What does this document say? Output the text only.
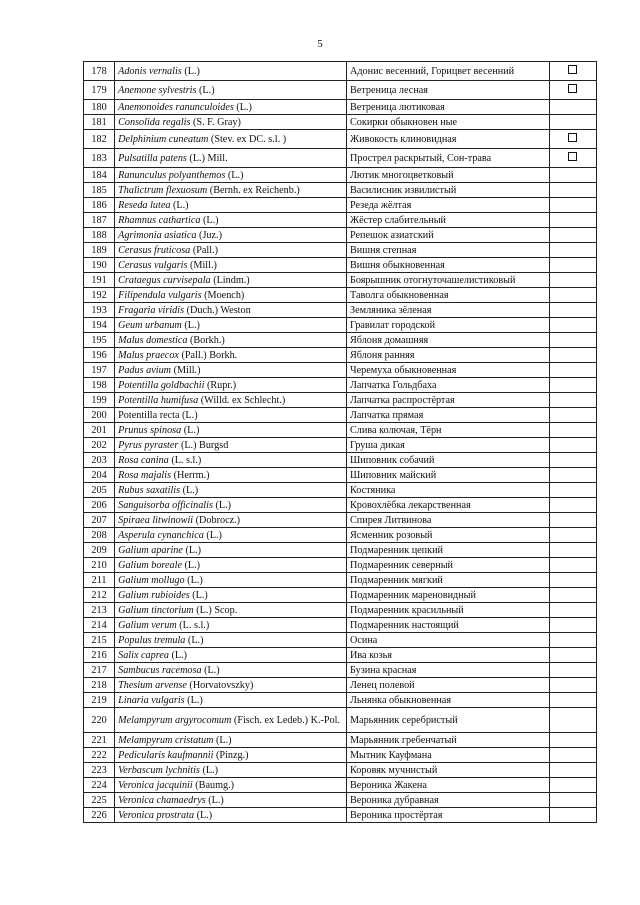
5
178	Adonis vernalis (L.)	Адонис весенний, Горицвет весенний	
179	Anemone sylvestris (L.)	Ветреница лесная	
180	Anemonoides ranunculoides (L.)	Ветреница лютиковая	
181	Consolida regalis (S. F. Gray)	Сокирки обыкновен ные	
182	Delphinium cuneatum (Stev. ex DC. s.l. )	Живокость клиновидная	
183	Pulsatilla patens (L.) Mill.	Прострел раскрытый, Сон-трава	
184	Ranunculus polyanthemos (L.)	Лютик многоцветковый	
185	Thalictrum flexuosum (Bernh. ex Reichenb.)	Василисник извилистый	
186	Reseda lutea (L.)	Резеда жёлтая	
187	Rhamnus cathartica (L.)	Жёстер слабительный	
188	Agrimonia asiatica (Juz.)	Репешок азиатский	
189	Cerasus fruticosa (Pall.)	Вишня степная	
190	Cerasus vulgaris (Mill.)	Вишня обыкновенная	
191	Crataegus curvisepala (Lindm.)	Боярышник отогнуточашелистиковый	
192	Filipendula vulgaris (Moench)	Таволга обыкновенная	
193	Fragaria viridis (Duch.) Weston	Земляника зёленая	
194	Geum urbanum (L.)	Гравилат городской	
195	Malus domestica (Borkh.)	Яблоня домашняя	
196	Malus praecox (Pall.) Borkh.	Яблоня ранняя	
197	Padus avium (Mill.)	Черемуха обыкновенная	
198	Potentilla goldbachii (Rupr.)	Лапчатка Гольдбаха	
199	Potentilla humifusa (Willd. ex Schlecht.)	Лапчатка распростёртая	
200	Potentilla recta (L.)	Лапчатка прямая	
201	Prunus spinosa (L.)	Слива колючая, Тёрн	
202	Pyrus pyraster (L.) Burgsd	Груша дикая	
203	Rosa canina (L. s.l.)	Шиповник собачий	
204	Rosa majalis (Herrm.)	Шиповник майский	
205	Rubus saxatilis (L.)	Костяника	
206	Sanguisorba officinalis (L.)	Кровохлёбка лекарственная	
207	Spiraea litwinowii (Dobrocz.)	Спирея Литвинова	
208	Asperula cynanchica (L.)	Ясменник розовый	
209	Galium aparine (L.)	Подмаренник цепкий	
210	Galium boreale (L.)	Подмаренник северный	
211	Galium mollugo (L.)	Подмаренник мягкий	
212	Galium rubioides (L.)	Подмаренник мареновидный	
213	Galium tinctorium (L.) Scop.	Подмаренник красильный	
214	Galium verum (L. s.l.)	Подмаренник настоящий	
215	Populus tremula (L.)	Осина	
216	Salix caprea (L.)	Ива козья	
217	Sambucus racemosa (L.)	Бузина красная	
218	Thesium arvense (Horvatovszky)	Ленец полевой	
219	Linaria vulgaris (L.)	Льнянка обыкновенная	
220	Melampyrum argyrocomum (Fisch. ex Ledeb.) K.-Pol.	Марьянник серебристый	
221	Melampyrum cristatum (L.)	Марьянник гребенчатый	
222	Pedicularis kaufmannii (Pinzg.)	Мытник Кауфмана	
223	Verbascum lychnitis (L.)	Коровяк мучнистый	
224	Veronica jacquinii (Baumg.)	Вероника Жакена	
225	Veronica chamaedrys (L.)	Вероника дубравная	
226	Veronica prostrata (L.)	Вероника простёртая	
